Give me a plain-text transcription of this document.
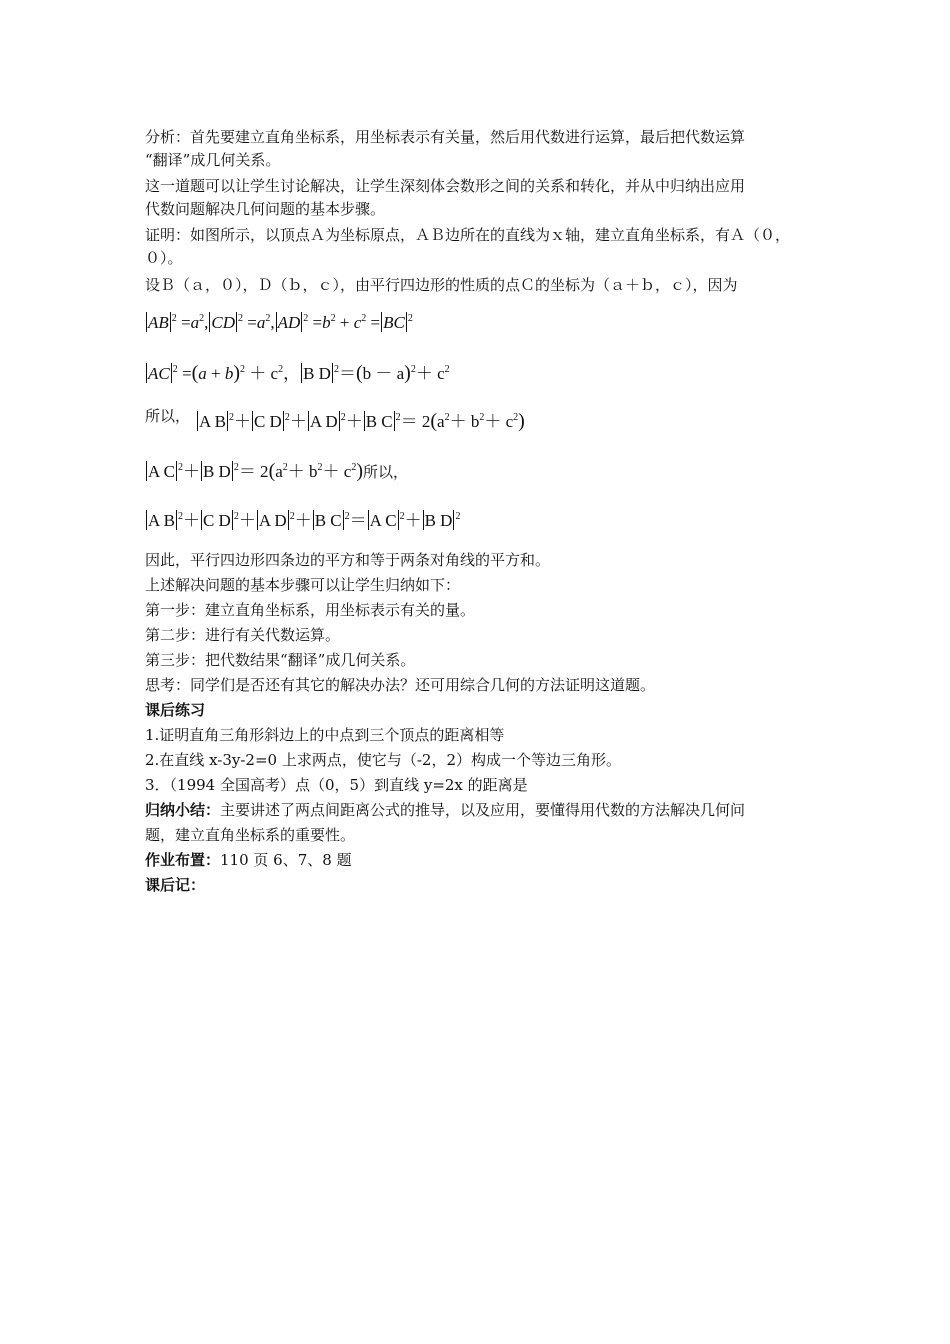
分析：首先要建立直角坐标系，用坐标表示有关量，然后用代数进行运算，最后把代数运算
“翻译”成几何关系。
这一道题可以让学生讨论解决，让学生深刻体会数形之间的关系和转化，并从中归纳出应用
代数问题解决几何问题的基本步骤。
证明：如图所示，以顶点Ａ为坐标原点，ＡＢ边所在的直线为ｘ轴，建立直角坐标系，有Ａ（０，
０）。
设Ｂ（ａ，０），Ｄ（ｂ，ｃ），由平行四边形的性质的点Ｃ的坐标为（ａ＋ｂ，ｃ），因为
AB $^2 =a^2$, CD $^2 =a^2$, AD $^2 =b^2 + c^2$ = BC $^2$
AC $^2 =(a + b)^2 + c^2$， B D $^2=(b - a)^2+ c^2$
所以， A B $^2$＋ C D $^2$＋ A D $^2$＋ B C $^2= 2(a^2+ b^2+ c^2)$
A C $^2$＋ B D $^2= 2(a^2+ b^2+ c^2)$所以，
A B $^2$＋ C D $^2$＋ A D $^2$＋ B C $^2$＝ A C $^2$＋ B D $^2$
因此，平行四边形四条边的平方和等于两条对角线的平方和。
上述解决问题的基本步骤可以让学生归纳如下：
第一步：建立直角坐标系，用坐标表示有关的量。
第二步：进行有关代数运算。
第三步：把代数结果“翻译”成几何关系。
思考：同学们是否还有其它的解决办法？还可用综合几何的方法证明这道题。
课后练习
1.证明直角三角形斜边上的中点到三个顶点的距离相等
2.在直线 x-3y-2=0 上求两点，使它与（-2，2）构成一个等边三角形。
3．（1994 全国高考）点（0，5）到直线 y=2x 的距离是
归纳小结：主要讲述了两点间距离公式的推导，以及应用，要懂得用代数的方法解决几何问
题，建立直角坐标系的重要性。
作业布置：110 页 6、7、8 题
课后记：
